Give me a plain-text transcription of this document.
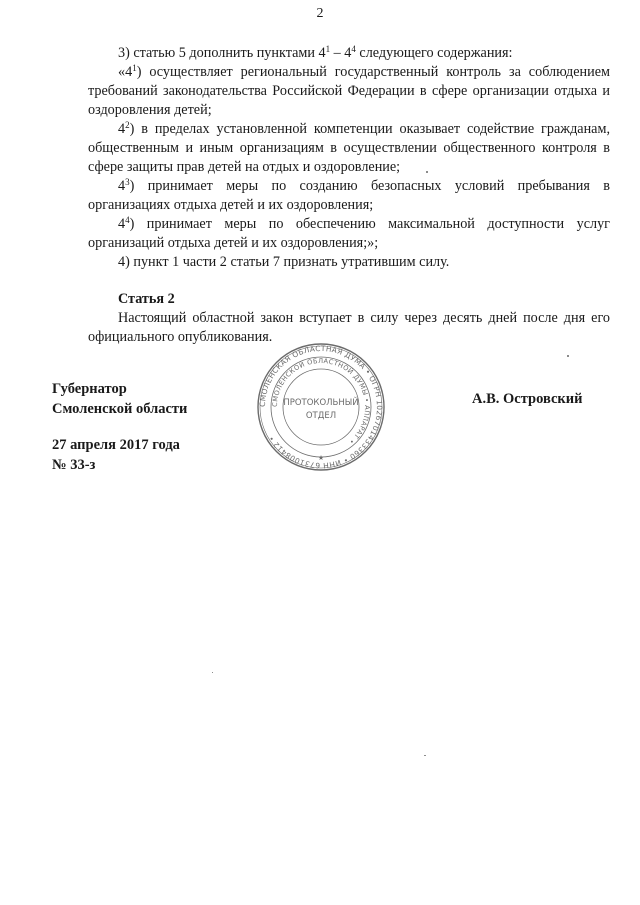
2

3) статью 5 дополнить пунктами $4^1 - 4^4$ следующего содержания:

«$4^1$) осуществляет региональный государственный контроль за соблюдением требований законодательства Российской Федерации в сфере организации отдыха и оздоровления детей;

$4^2$) в пределах установленной компетенции оказывает содействие гражданам, общественным и иным организациям в осуществлении общественного контроля в сфере защиты прав детей на отдых и оздоровление;

$4^3$) принимает меры по созданию безопасных условий пребывания в организациях отдыха детей и их оздоровления;

$4^4$) принимает меры по обеспечению максимальной доступности услуг организаций отдыха детей и их оздоровления;»;

4) пункт 1 части 2 статьи 7 признать утратившим силу.

Статья 2

Настоящий областной закон вступает в силу через десять дней после дня его официального опубликования.

Губернатор
Смоленской области
27 апреля 2017 года
№ 33-з
А.В. Островский
СМОЛЕНСКАЯ ОБЛАСТНАЯ ДУМА • ОГРН 1026701433360 • ИНН 6731008412 •
СМОЛЕНСКОЙ ОБЛАСТНОЙ ДУМЫ • АППАРАТ •
ПРОТОКОЛЬНЫЙ
ОТДЕЛ
★
